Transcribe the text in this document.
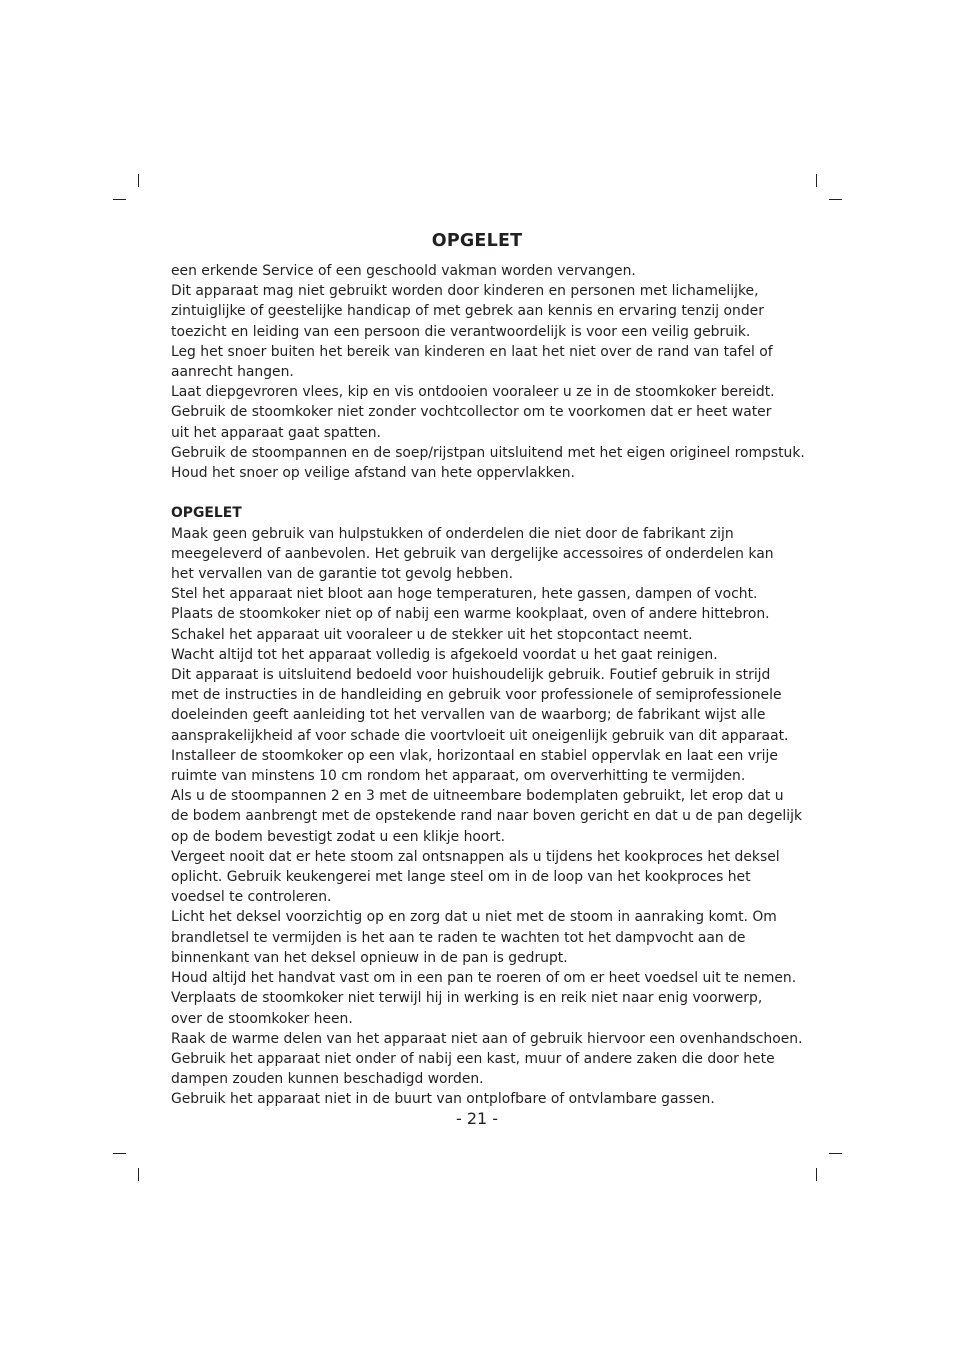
OPGELET
een erkende Service of een geschoold vakman worden vervangen.
Dit apparaat mag niet gebruikt worden door kinderen en personen met lichamelijke,
zintuiglijke of geestelijke handicap of met gebrek aan kennis en ervaring tenzij onder
toezicht en leiding van een persoon die verantwoordelijk is voor een veilig gebruik.
Leg het snoer buiten het bereik van kinderen en laat het niet over de rand van tafel of
aanrecht hangen.
Laat diepgevroren vlees, kip en vis ontdooien vooraleer u ze in de stoomkoker bereidt.
Gebruik de stoomkoker niet zonder vochtcollector om te voorkomen dat er heet water
uit het apparaat gaat spatten.
Gebruik de stoompannen en de soep/rijstpan uitsluitend met het eigen origineel rompstuk.
Houd het snoer op veilige afstand van hete oppervlakken.
OPGELET
Maak geen gebruik van hulpstukken of onderdelen die niet door de fabrikant zijn
meegeleverd of aanbevolen. Het gebruik van dergelijke accessoires of onderdelen kan
het vervallen van de garantie tot gevolg hebben.
Stel het apparaat niet bloot aan hoge temperaturen, hete gassen, dampen of vocht.
Plaats de stoomkoker niet op of nabij een warme kookplaat, oven of andere hittebron.
Schakel het apparaat uit vooraleer u de stekker uit het stopcontact neemt.
Wacht altijd tot het apparaat volledig is afgekoeld voordat u het gaat reinigen.
Dit apparaat is uitsluitend bedoeld voor huishoudelijk gebruik. Foutief gebruik in strijd
met de instructies in de handleiding en gebruik voor professionele of semiprofessionele
doeleinden geeft aanleiding tot het vervallen van de waarborg; de fabrikant wijst alle
aansprakelijkheid af voor schade die voortvloeit uit oneigenlijk gebruik van dit apparaat.
Installeer de stoomkoker op een vlak, horizontaal en stabiel oppervlak en laat een vrije
ruimte van minstens 10 cm rondom het apparaat, om oververhitting te vermijden.
Als u de stoompannen 2 en 3 met de uitneembare bodemplaten gebruikt, let erop dat u
de bodem aanbrengt met de opstekende rand naar boven gericht en dat u de pan degelijk
op de bodem bevestigt zodat u een klikje hoort.
Vergeet nooit dat er hete stoom zal ontsnappen als u tijdens het kookproces het deksel
oplicht. Gebruik keukengerei met lange steel om in de loop van het kookproces het
voedsel te controleren.
Licht het deksel voorzichtig op en zorg dat u niet met de stoom in aanraking komt. Om
brandletsel te vermijden is het aan te raden te wachten tot het dampvocht aan de
binnenkant van het deksel opnieuw in de pan is gedrupt.
Houd altijd het handvat vast om in een pan te roeren of om er heet voedsel uit te nemen.
Verplaats de stoomkoker niet terwijl hij in werking is en reik niet naar enig voorwerp,
over de stoomkoker heen.
Raak de warme delen van het apparaat niet aan of gebruik hiervoor een ovenhandschoen.
Gebruik het apparaat niet onder of nabij een kast, muur of andere zaken die door hete
dampen zouden kunnen beschadigd worden.
Gebruik het apparaat niet in de buurt van ontplofbare of ontvlambare gassen.
- 21 -
